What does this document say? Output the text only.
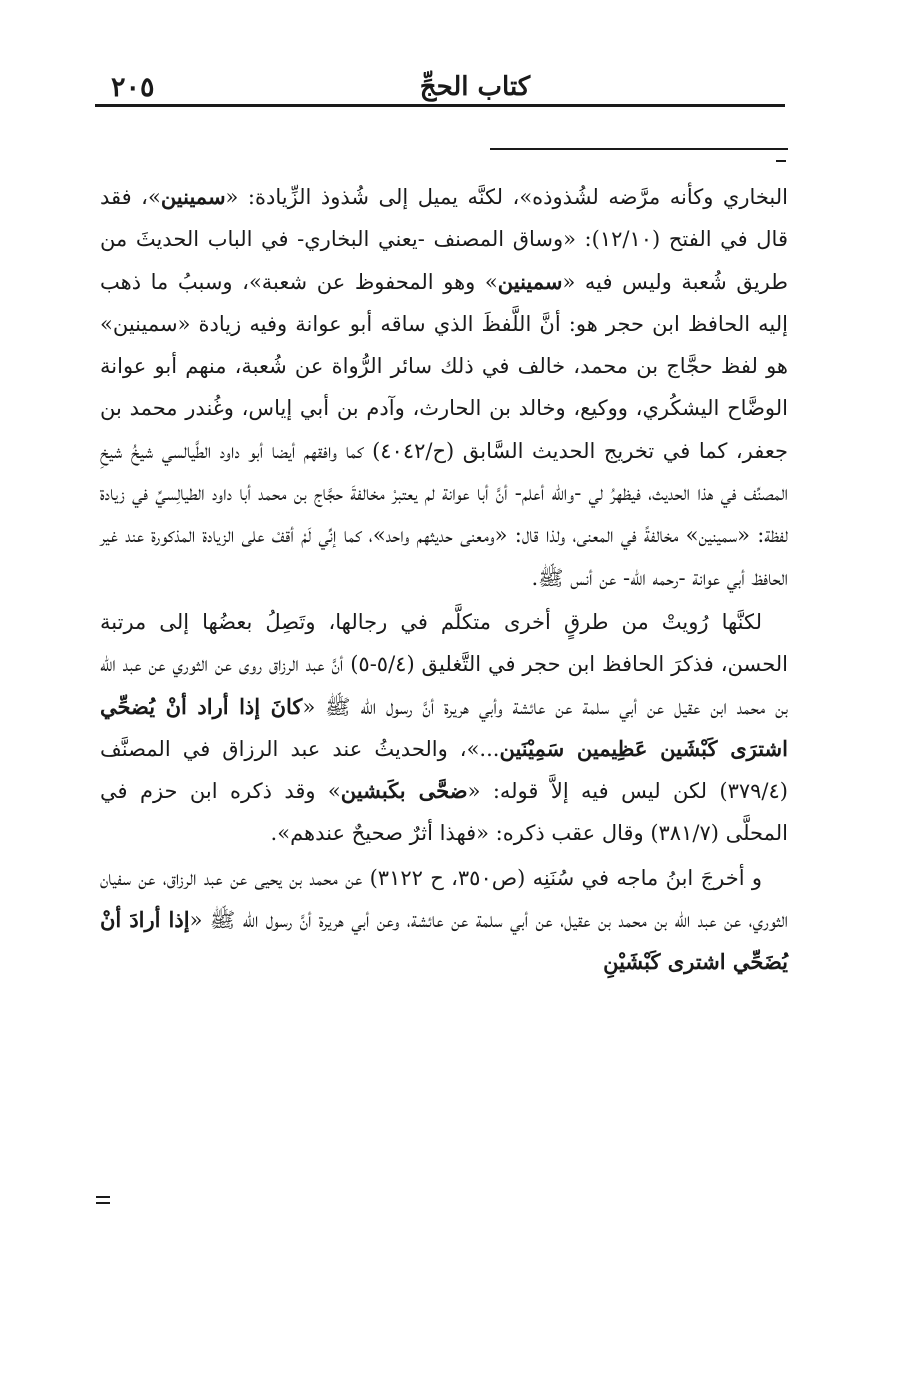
٢٠٥	كتاب الحجِّ

البخاري وكأنه مرَّضه لشُذوذه»، لكنَّه يميل إلى شُذوذ الزِّيادة: «سمينين»، فقد قال في الفتح (١٢/١٠): «وساق المصنف -يعني البخاري- في الباب الحديثَ من طريق شُعبة وليس فيه «سمينين» وهو المحفوظ عن شعبة»، وسببُ ما ذهب إليه الحافظ ابن حجر هو: أنَّ اللَّفظَ الذي ساقه أبو عوانة وفيه زيادة «سمينين» هو لفظ حجَّاج بن محمد، خالف في ذلك سائر الرُّواة عن شُعبة، منهم أبو عوانة الوضَّاح اليشكُري، ووكيع، وخالد بن الحارث، وآدم بن أبي إياس، وغُندر محمد بن جعفر، كما في تخريج الحديث السَّابق (ح/٤٠٤٢) كما وافقهم أيضا أبو داود الطَّيالسي شيخُ شيخِ المصنِّف في هذا الحديث، فيظهرُ لي -والله أعلم- أنَّ أبا عوانة لم يعتبرْ مخالفةَ حجَّاج بن محمد أبا داود الطيالِسيِّ في زيادة لفظة: «سمينين» مخالفةً في المعنى، ولذا قال: «ومعنى حديثهم واحد»، كما إنِّي لَمْ أقفْ على الزيادة المذكورة عند غير الحافظ أبي عوانة -رحمه الله- عن أنس ﷺ.

لكنَّها رُويتْ من طرقٍ أخرى متكلَّم في رجالها، وتَصِلُ بعضُها إلى مرتبة الحسن، فذكرَ الحافظ ابن حجر في التَّغليق (٥/٤-٥) أنَّ عبد الرزاق روى عن الثوري عن عبد الله بن محمد ابن عقيل عن أبي سلمة عن عائشة وأبي هريرة أنَّ رسول الله ﷺ «كانَ إذا أراد أنْ يُضحِّي اشترَى كَبْشَين عَظِيمين سَمِيْنَين...»، والحديثُ عند عبد الرزاق في المصنَّف (٣٧٩/٤) لكن ليس فيه إلاَّ قوله: «ضحَّى بكَبشين» وقد ذكره ابن حزم في المحلَّى (٣٨١/٧) وقال عقب ذكره: «فهذا أثرٌ صحيحٌ عندهم».

و أخرجَ ابنُ ماجه في سُنَنِه (ص٣٥٠، ح ٣١٢٢) عن محمد بن يحيى عن عبد الرزاق، عن سفيان الثوري، عن عبد الله بن محمد بن عقيل، عن أبي سلمة عن عائشة، وعن أبي هريرة أنَّ رسول الله ﷺ «إذا أرادَ أنْ يُضَحِّي اشترى كَبْشَيْنِ
